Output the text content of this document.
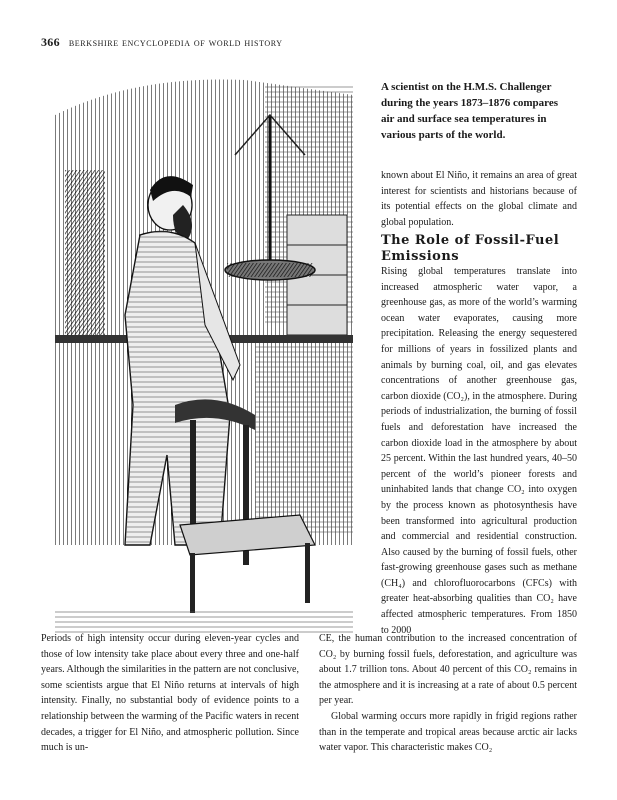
366 berkshire encyclopedia of world history
A scientist on the H.M.S. Challenger during the years 1873–1876 compares air and surface sea temperatures in various parts of the world.
known about El Niño, it remains an area of great interest for scientists and historians because of its potential effects on the global climate and global population.
The Role of Fossil-Fuel Emissions
Rising global temperatures translate into increased atmospheric water vapor, a greenhouse gas, as more of the world’s warming ocean water evaporates, causing more precipitation. Releasing the energy sequestered for millions of years in fossilized plants and animals by burning coal, oil, and gas elevates concentrations of another greenhouse gas, carbon dioxide (CO₂), in the atmosphere. During periods of industrialization, the burning of fossil fuels and deforestation have increased the carbon dioxide load in the atmosphere by about 25 percent. Within the last hundred years, 40–50 percent of the world’s pioneer forests and uninhabited lands that change CO₂ into oxygen by the process known as photosynthesis have been transformed into agricultural production and commercial and residential construction. Also caused by the burning of fossil fuels, other fast-growing greenhouse gases such as methane (CH₄) and chlorofluorocarbons (CFCs) with greater heat-absorbing qualities than CO₂ have affected atmospheric temperatures. From 1850 to 2000
Periods of high intensity occur during eleven-year cycles and those of low intensity take place about every three and one-half years. Although the similarities in the pattern are not conclusive, some scientists argue that El Niño returns at intervals of high intensity. Finally, no substantial body of evidence points to a relationship between the warming of the Pacific waters in recent decades, a trigger for El Niño, and atmospheric pollution. Since much is un-

CE, the human contribution to the increased concentration of CO₂ by burning fossil fuels, deforestation, and agriculture was about 1.7 trillion tons. About 40 percent of this CO₂ remains in the atmosphere and it is increasing at a rate of about 0.5 percent per year.

Global warming occurs more rapidly in frigid regions rather than in the temperate and tropical areas because arctic air lacks water vapor. This characteristic makes CO₂
